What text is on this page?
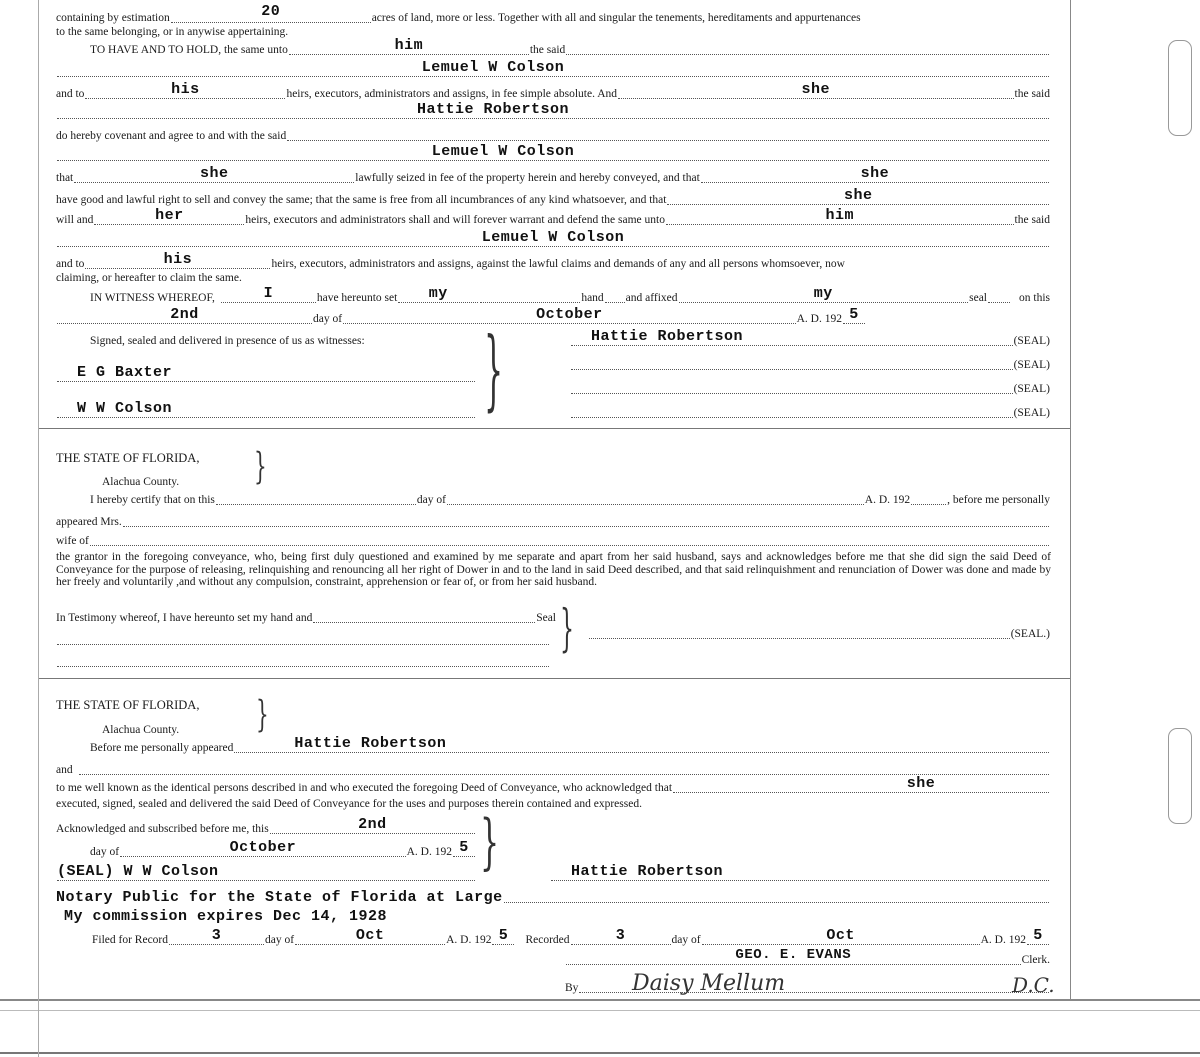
containing by estimation	20	acres of land, more or less. Together with all and singular the tenements, hereditaments and appurtenances
to the same belonging, or in anywise appertaining.
TO HAVE AND TO HOLD, the same unto	him	the said
Lemuel W Colson
and to	his	heirs, executors, administrators and assigns, in fee simple absolute. And	she	the said
Hattie Robertson
do hereby covenant and agree to and with the said
Lemuel W Colson
that	she	lawfully seized in fee of the property herein and hereby conveyed, and that	she
have good and lawful right to sell and convey the same; that the same is free from all incumbrances of any kind whatsoever, and that	she
will and	her	heirs, executors and administrators shall and will forever warrant and defend the same unto	him	the said
Lemuel W Colson
and to	his	heirs, executors, administrators and assigns, against the lawful claims and demands of any and all persons whomsoever, now
claiming, or hereafter to claim the same.
IN WITNESS WHEREOF,	I	have hereunto set my	hand and affixed	my	seal	on this
2nd	day of	October	A. D. 192 5
Signed, sealed and delivered in presence of us as witnesses:	Hattie Robertson	(SEAL)
(SEAL)
(SEAL)
(SEAL)
E G Baxter
W W Colson	}
THE STATE OF FLORIDA,	}
Alachua County.
I hereby certify that on this	day of	A. D. 192	, before me personally
appeared Mrs.
wife of
the grantor in the foregoing conveyance, who, being first duly questioned and examined by me separate and apart from her said husband, says and acknowledges before me that she did sign the said Deed of Conveyance for the purpose of releasing, relinquishing and renouncing all her right of Dower in and to the land in said Deed described, and that said relinquishment and renunciation of Dower was done and made by her freely and voluntarily ,and without any compulsion, constraint, apprehension or fear of, or from her said husband.
In Testimony whereof, I have hereunto set my hand and	Seal }	(SEAL.)
THE STATE OF FLORIDA,	}
Alachua County.
Before me personally appeared	Hattie Robertson
and
to me well known as the identical persons described in and who executed the foregoing Deed of Conveyance, who acknowledged that	she
executed, signed, sealed and delivered the said Deed of Conveyance for the uses and purposes therein contained and expressed.
Acknowledged and subscribed before me, this	2nd
day of	October	A. D. 192 5
(SEAL) W W Colson	}	Hattie Robertson
Notary Public for the State of Florida at Large
My commission expires Dec 14, 1928
Filed for Record	3	day of	Oct	A. D. 192 5 Recorded	3	day of	Oct	A. D. 192 5
GEO. E. EVANS	Clerk.
By Daisy Mellum	D.C.
